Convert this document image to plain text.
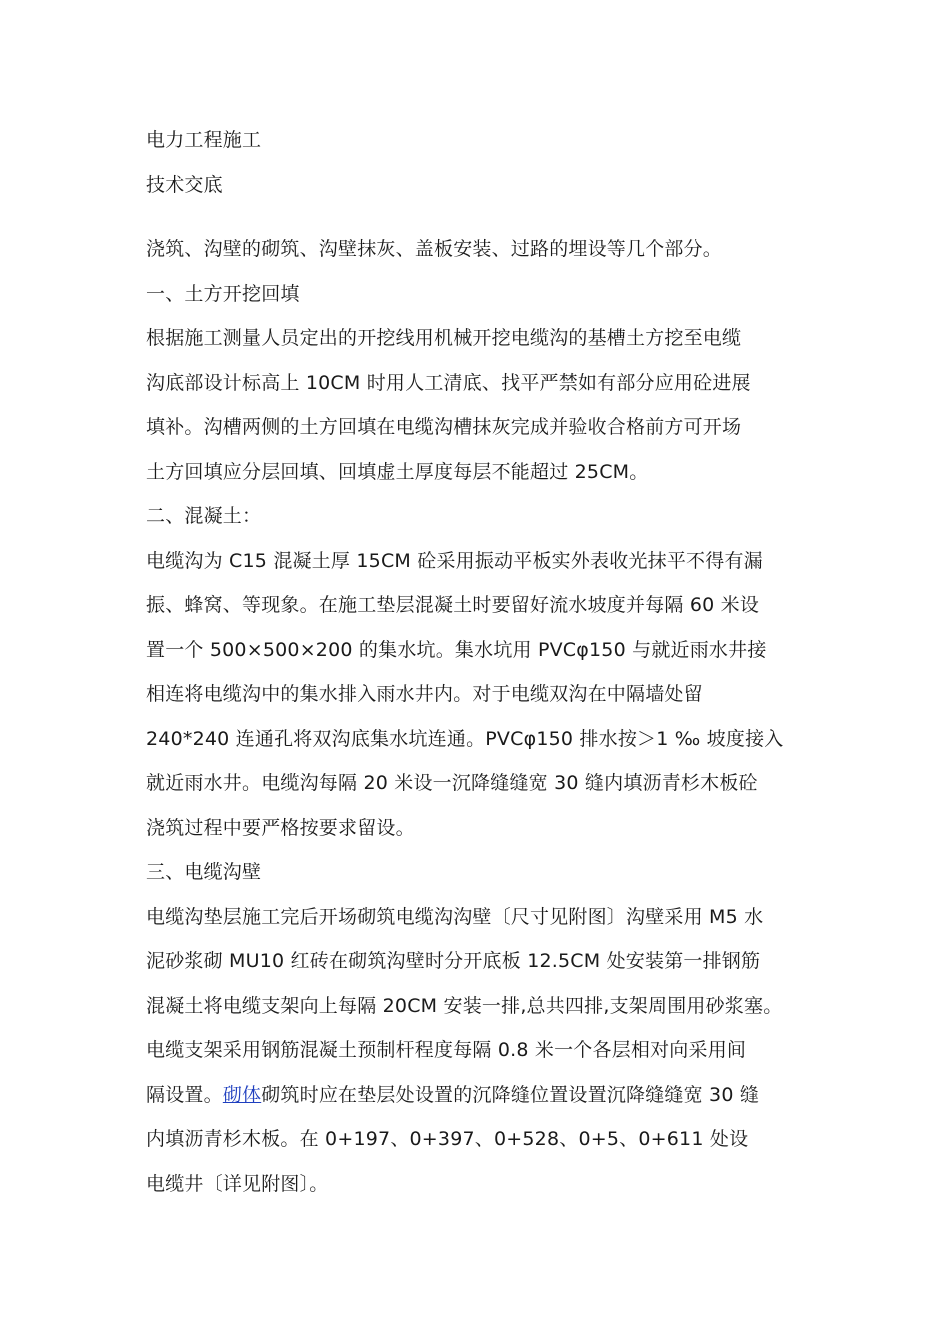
电力工程施工
技术交底
浇筑、沟壁的砌筑、沟壁抹灰、盖板安装、过路的埋设等几个部分。
一、土方开挖回填
根据施工测量人员定出的开挖线用机械开挖电缆沟的基槽土方挖至电缆
沟底部设计标高上 10CM 时用人工清底、找平严禁如有部分应用砼进展
填补。沟槽两侧的土方回填在电缆沟槽抹灰完成并验收合格前方可开场
土方回填应分层回填、回填虚土厚度每层不能超过 25CM。
二、混凝土：
电缆沟为 C15 混凝土厚 15CM 砼采用振动平板实外表收光抹平不得有漏
振、蜂窝、等现象。在施工垫层混凝土时要留好流水坡度并每隔 60 米设
置一个 500×500×200 的集水坑。集水坑用 PVCφ150 与就近雨水井接
相连将电缆沟中的集水排入雨水井内。对于电缆双沟在中隔墙处留
240*240 连通孔将双沟底集水坑连通。PVCφ150 排水按＞1 ‰ 坡度接入
就近雨水井。电缆沟每隔 20 米设一沉降缝缝宽 30 缝内填沥青杉木板砼
浇筑过程中要严格按要求留设。
三、电缆沟壁
电缆沟垫层施工完后开场砌筑电缆沟沟壁〔尺寸见附图〕沟壁采用 M5 水
泥砂浆砌 MU10 红砖在砌筑沟壁时分开底板 12.5CM 处安装第一排钢筋
混凝土将电缆支架向上每隔 20CM 安装一排,总共四排,支架周围用砂浆塞。
电缆支架采用钢筋混凝土预制杆程度每隔 0.8 米一个各层相对向采用间
隔设置。砌体砌筑时应在垫层处设置的沉降缝位置设置沉降缝缝宽 30 缝
内填沥青杉木板。在 0+197、0+397、0+528、0+5、0+611 处设
电缆井〔详见附图〕。
